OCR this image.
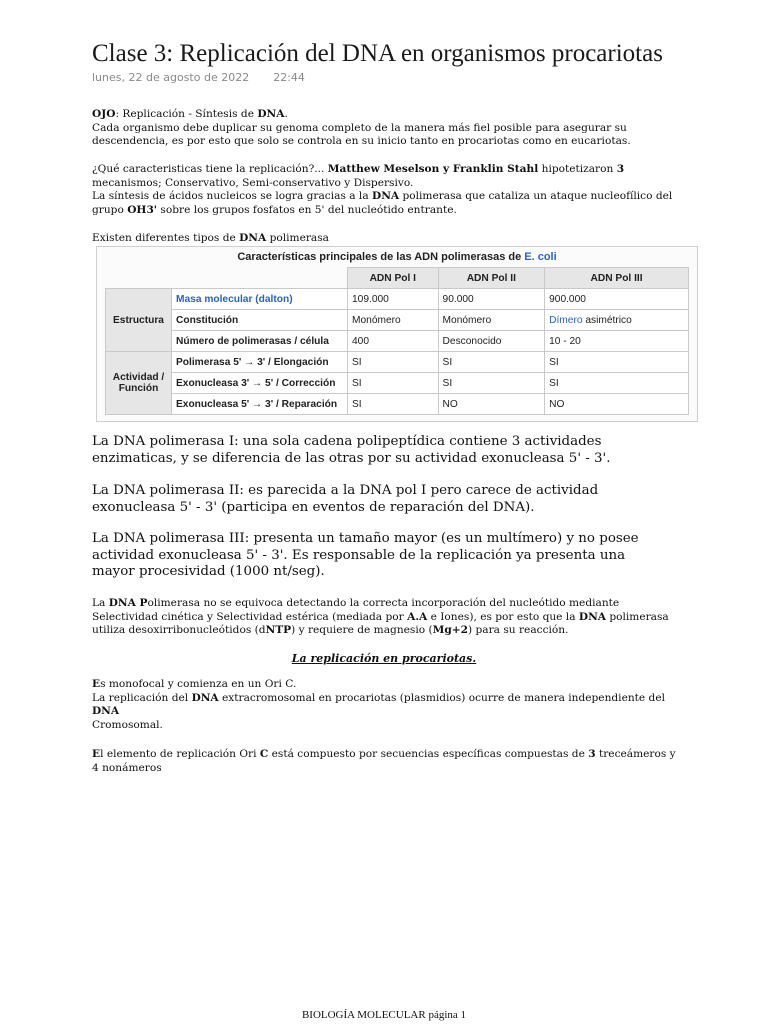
Clase 3: Replicación del DNA en organismos procariotas
lunes, 22 de agosto de 2022 22:44
OJO: Replicación - Síntesis de DNA.
Cada organismo debe duplicar su genoma completo de la manera más fiel posible para asegurar su descendencia, es por esto que solo se controla en su inicio tanto en procariotas como en eucariotas.
¿Qué caracteristicas tiene la replicación?... Matthew Meselson y Franklin Stahl hipotetizaron 3 mecanismos; Conservativo, Semi-conservativo y Dispersivo.
La síntesis de ácidos nucleicos se logra gracias a la DNA polimerasa que cataliza un ataque nucleofílico del grupo OH3' sobre los grupos fosfatos en 5' del nucleótido entrante.
Existen diferentes tipos de DNA polimerasa
Características principales de las ADN polimerasas de E. coli
		ADN Pol I	ADN Pol II	ADN Pol III
Estructura	Masa molecular (dalton)	109.000	90.000	900.000
	Constitución	Monómero	Monómero	Dímero asimétrico
	Número de polimerasas / célula	400	Desconocido	10 - 20
Actividad / Función	Polimerasa 5' → 3' / Elongación	SI	SI	SI
	Exonucleasa 3' → 5' / Corrección	SI	SI	SI
	Exonucleasa 5' → 3' / Reparación	SI	NO	NO
La DNA polimerasa I: una sola cadena polipeptídica contiene 3 actividades enzimaticas, y se diferencia de las otras por su actividad exonucleasa 5' - 3'.
La DNA polimerasa II: es parecida a la DNA pol I pero carece de actividad exonucleasa 5' - 3' (participa en eventos de reparación del DNA).
La DNA polimerasa III: presenta un tamaño mayor (es un multímero) y no posee actividad exonucleasa 5' - 3'. Es responsable de la replicación ya presenta una mayor procesividad (1000 nt/seg).
La DNA Polimerasa no se equivoca detectando la correcta incorporación del nucleótido mediante Selectividad cinética y Selectividad estérica (mediada por A.A e Iones), es por esto que la DNA polimerasa utiliza desoxirribonucleótidos (dNTP) y requiere de magnesio (Mg+2) para su reacción.
La replicación en procariotas.
Es monofocal y comienza en un Ori C.
La replicación del DNA extracromosomal en procariotas (plasmidios) ocurre de manera independiente del DNA
Cromosomal.
El elemento de replicación Ori C está compuesto por secuencias específicas compuestas de 3 treceámeros y 4 nonámeros
BIOLOGÍA MOLECULAR página 1
